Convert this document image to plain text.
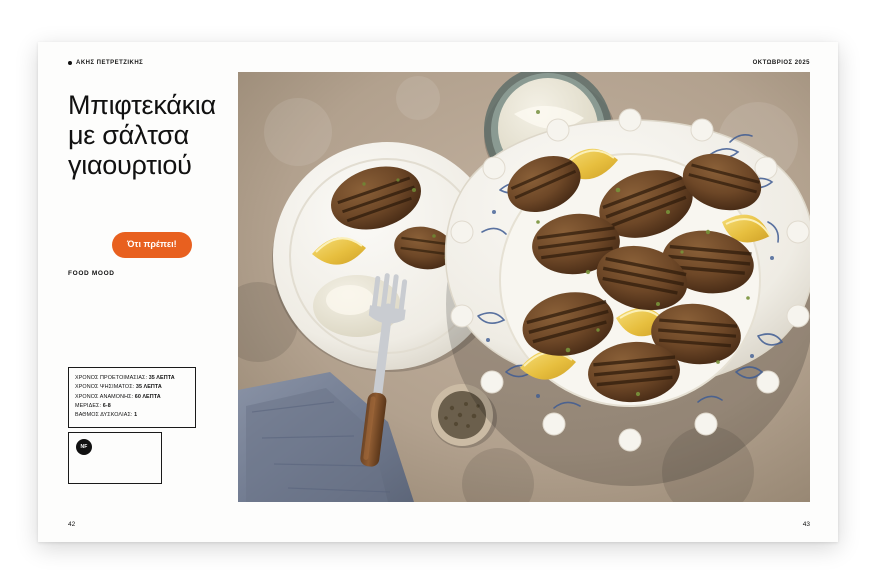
ΑΚΗΣ ΠΕΤΡΕΤΖΙΚΗΣ
Μπιφτεκάκια
με σάλτσα
γιαουρτιού
Ότι πρέπει!
FOOD MOOD
ΧΡΟΝΟΣ ΠΡΟΕΤΟΙΜΑΣΙΑΣ: 35 ΛΕΠΤΑ
ΧΡΟΝΟΣ ΨΗΣΙΜΑΤΟΣ: 35 ΛΕΠΤΑ
ΧΡΟΝΟΣ ΑΝΑΜΟΝΗΣ: 60 ΛΕΠΤΑ
ΜΕΡΙΔΕΣ: 6-8
ΒΑΘΜΟΣ ΔΥΣΚΟΛΙΑΣ: 1
NF
42
ΟΚΤΩΒΡΙΟΣ 2025
43
